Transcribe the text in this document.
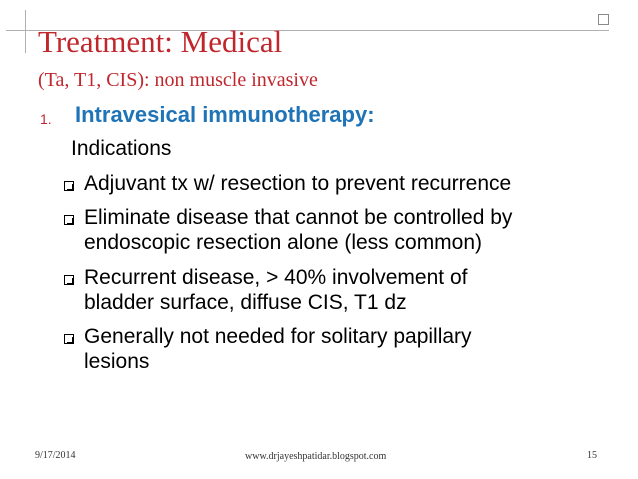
Treatment: Medical
(Ta, T1, CIS): non muscle invasive
1. Intravesical immunotherapy:
Indications
Adjuvant tx w/ resection to prevent recurrence
Eliminate disease that cannot be controlled by
endoscopic resection alone (less common)
Recurrent disease, > 40% involvement of
bladder surface, diffuse CIS, T1 dz
Generally not needed for solitary papillary
lesions
9/17/2014	www.drjayeshpatidar.blogspot.com	15
